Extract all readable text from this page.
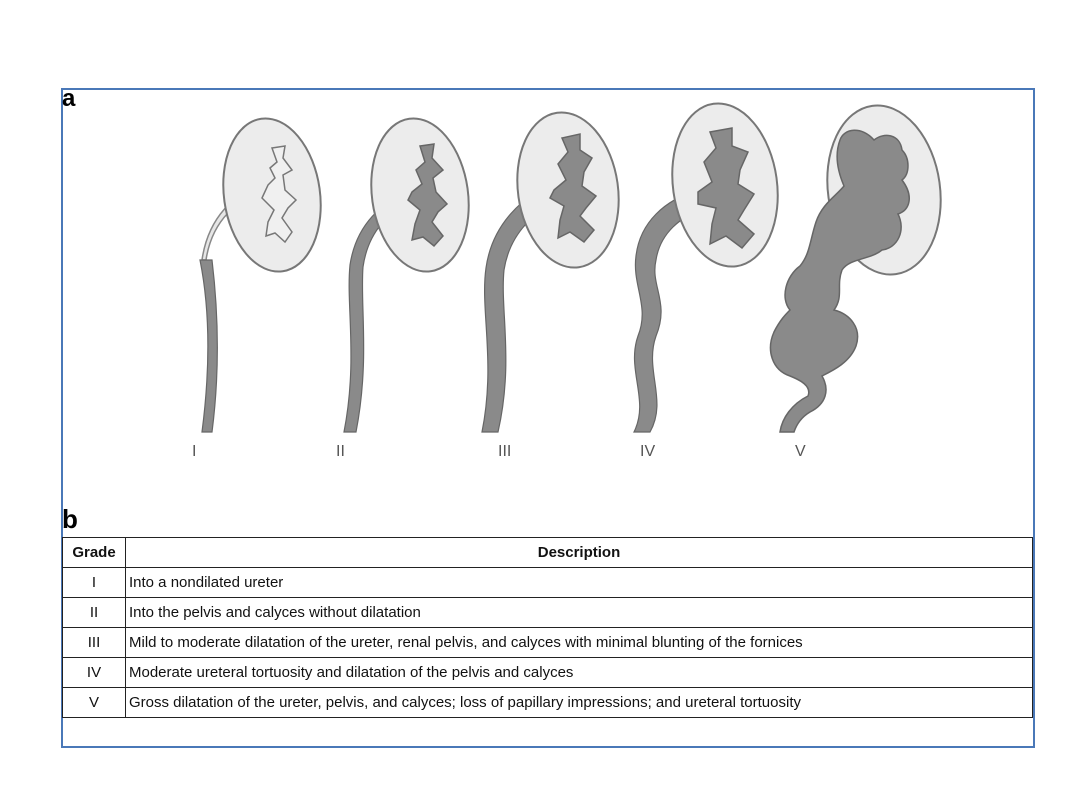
a
I	II	III	IV	V
b
Grade	Description
I	Into a nondilated ureter
II	Into the pelvis and calyces without dilatation
III	Mild to moderate dilatation of the ureter, renal pelvis, and calyces with minimal blunting of the fornices
IV	Moderate ureteral tortuosity and dilatation of the pelvis and calyces
V	Gross dilatation of the ureter, pelvis, and calyces; loss of papillary impressions; and ureteral tortuosity
